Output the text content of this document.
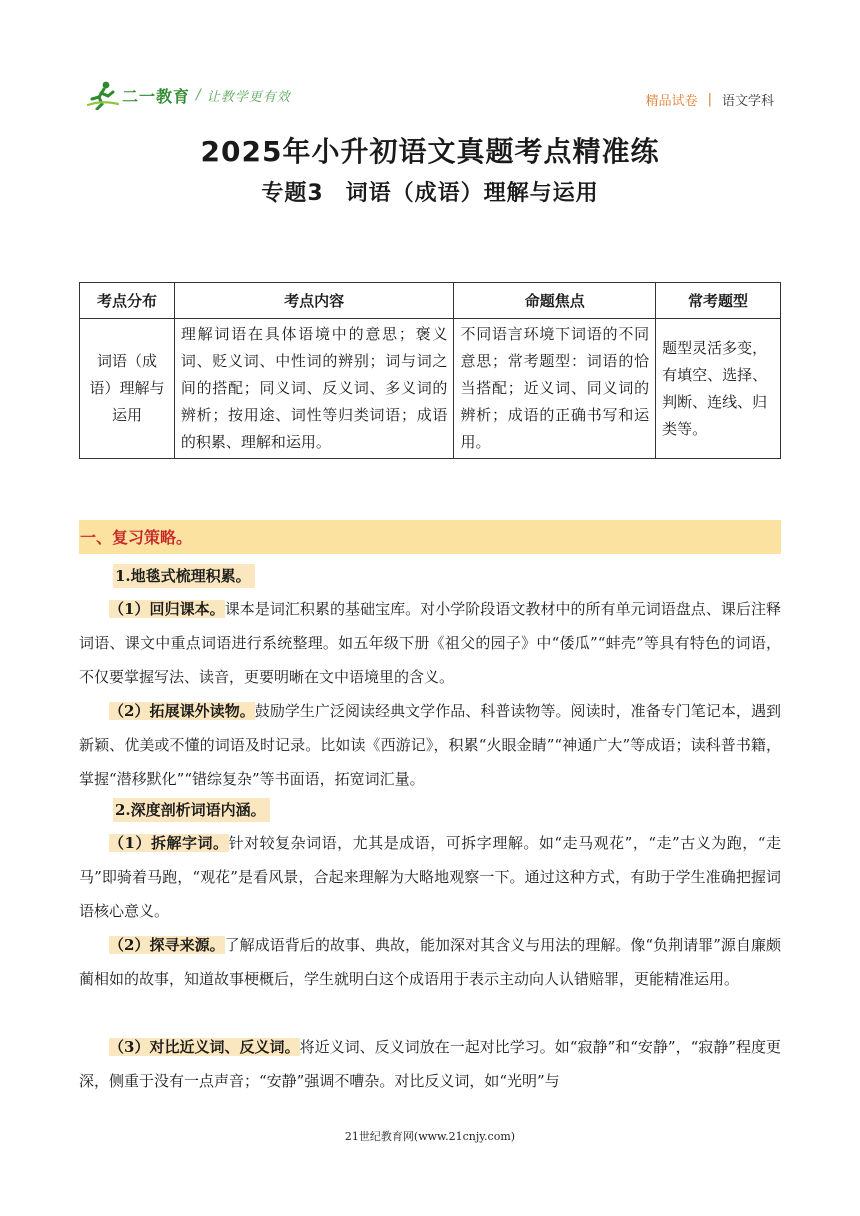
二一教育 / 让教学更有效	精品试卷 | 语文学科
2025年小升初语文真题考点精准练
专题3 词语（成语）理解与运用
考点分布	考点内容	命题焦点	常考题型
词语（成语）理解与运用	理解词语在具体语境中的意思；褒义词、贬义词、中性词的辨别；词与词之间的搭配；同义词、反义词、多义词的辨析；按用途、词性等归类词语；成语的积累、理解和运用。	不同语言环境下词语的不同意思；常考题型：词语的恰当搭配；近义词、同义词的辨析；成语的正确书写和运用。	题型灵活多变，有填空、选择、判断、连线、归类等。
一、复习策略。
1.地毯式梳理积累。

（1）回归课本。课本是词汇积累的基础宝库。对小学阶段语文教材中的所有单元词语盘点、课后注释词语、课文中重点词语进行系统整理。如五年级下册《祖父的园子》中“倭瓜”“蚌壳”等具有特色的词语，不仅要掌握写法、读音，更要明晰在文中语境里的含义。

（2）拓展课外读物。鼓励学生广泛阅读经典文学作品、科普读物等。阅读时，准备专门笔记本，遇到新颖、优美或不懂的词语及时记录。比如读《西游记》，积累“火眼金睛”“神通广大”等成语；读科普书籍，掌握“潜移默化”“错综复杂”等书面语，拓宽词汇量。

2.深度剖析词语内涵。

（1）拆解字词。针对较复杂词语，尤其是成语，可拆字理解。如“走马观花”，“走”古义为跑，“走马”即骑着马跑，“观花”是看风景，合起来理解为大略地观察一下。通过这种方式，有助于学生准确把握词语核心意义。

（2）探寻来源。了解成语背后的故事、典故，能加深对其含义与用法的理解。像“负荆请罪”源自廉颇蔺相如的故事，知道故事梗概后，学生就明白这个成语用于表示主动向人认错赔罪，更能精准运用。

（3）对比近义词、反义词。将近义词、反义词放在一起对比学习。如“寂静”和“安静”，“寂静”程度更深，侧重于没有一点声音；“安静”强调不嘈杂。对比反义词，如“光明”与

21世纪教育网(www.21cnjy.com)
